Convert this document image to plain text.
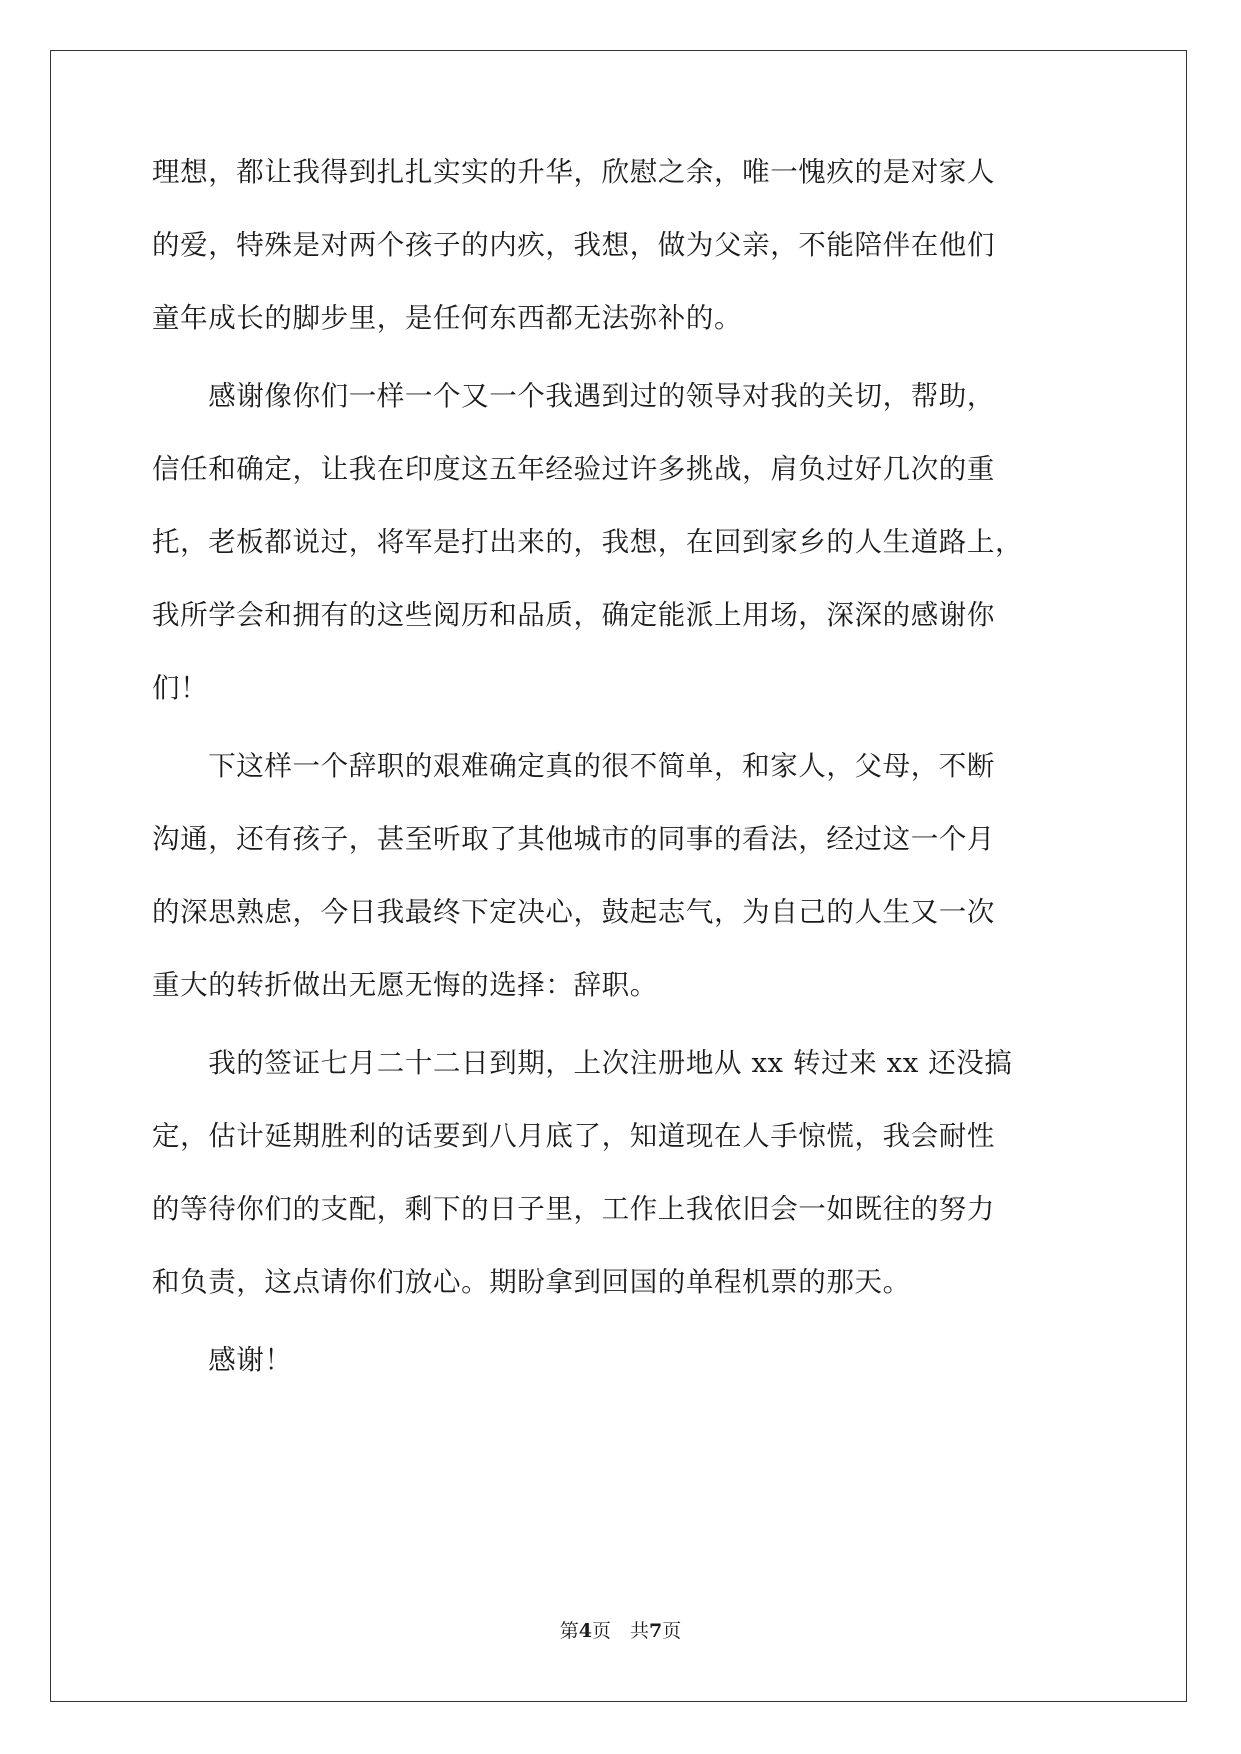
理想，都让我得到扎扎实实的升华，欣慰之余，唯一愧疚的是对家人
的爱，特殊是对两个孩子的内疚，我想，做为父亲，不能陪伴在他们
童年成长的脚步里，是任何东西都无法弥补的。
　　感谢像你们一样一个又一个我遇到过的领导对我的关切，帮助，
信任和确定，让我在印度这五年经验过许多挑战，肩负过好几次的重
托，老板都说过，将军是打出来的，我想，在回到家乡的人生道路上，
我所学会和拥有的这些阅历和品质，确定能派上用场，深深的感谢你
们！
　　下这样一个辞职的艰难确定真的很不简单，和家人，父母，不断
沟通，还有孩子，甚至听取了其他城市的同事的看法，经过这一个月
的深思熟虑，今日我最终下定决心，鼓起志气，为自己的人生又一次
重大的转折做出无愿无悔的选择：辞职。
　　我的签证七月二十二日到期，上次注册地从 xx 转过来 xx 还没搞
定，估计延期胜利的话要到八月底了，知道现在人手惊慌，我会耐性
的等待你们的支配，剩下的日子里，工作上我依旧会一如既往的努力
和负责，这点请你们放心。期盼拿到回国的单程机票的那天。
　　感谢！
第4页　共7页
